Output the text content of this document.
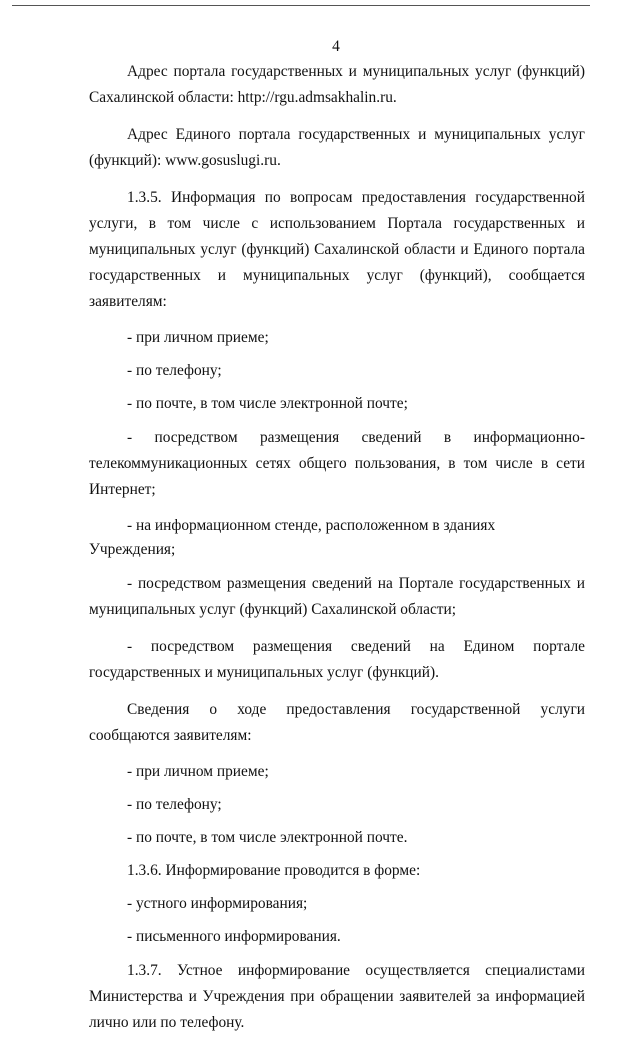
4

Адрес портала государственных и муниципальных услуг (функций) Сахалинской области: http://rgu.admsakhalin.ru.

Адрес Единого портала государственных и муниципальных услуг (функций): www.gosuslugi.ru.

1.3.5. Информация по вопросам предоставления государственной услуги, в том числе с использованием Портала государственных и муниципальных услуг (функций) Сахалинской области и Единого портала государственных и муниципальных услуг (функций), сообщается заявителям:

- при личном приеме;
- по телефону;
- по почте, в том числе электронной почте;

- посредством размещения сведений в информационно-телекоммуникационных сетях общего пользования, в том числе в сети Интернет;

- на информационном стенде, расположенном в зданиях Учреждения;

- посредством размещения сведений на Портале государственных и муниципальных услуг (функций) Сахалинской области;

- посредством размещения сведений на Едином портале государственных и муниципальных услуг (функций).

Сведения о ходе предоставления государственной услуги сообщаются заявителям:

- при личном приеме;
- по телефону;
- по почте, в том числе электронной почте.
1.3.6. Информирование проводится в форме:
- устного информирования;
- письменного информирования.

1.3.7. Устное информирование осуществляется специалистами Министерства и Учреждения при обращении заявителей за информацией лично или по телефону.
